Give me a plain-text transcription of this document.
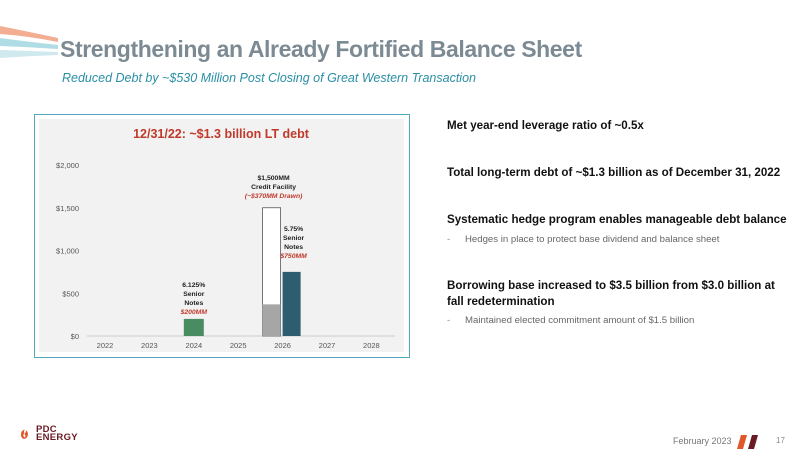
Strengthening an Already Fortified Balance Sheet
Reduced Debt by ~$530 Million Post Closing of Great Western Transaction
12/31/22: ~$1.3 billion LT debt
$2,000
$1,500
$1,000
$500
$0
2022	2023	2024	2025	2026	2027	2028
6.125%
Senior
Notes
$200MM
$1,500MM
Credit Facility
(~$370MM Drawn)
5.75%
Senior
Notes
$750MM
Met year-end leverage ratio of ~0.5x
Total long-term debt of ~$1.3 billion as of December 31, 2022
Systematic hedge program enables manageable debt balance
- Hedges in place to protect base dividend and balance sheet
Borrowing base increased to $3.5 billion from $3.0 billion at fall redetermination
- Maintained elected commitment amount of $1.5 billion
PDC
ENERGY	February 2023	17
